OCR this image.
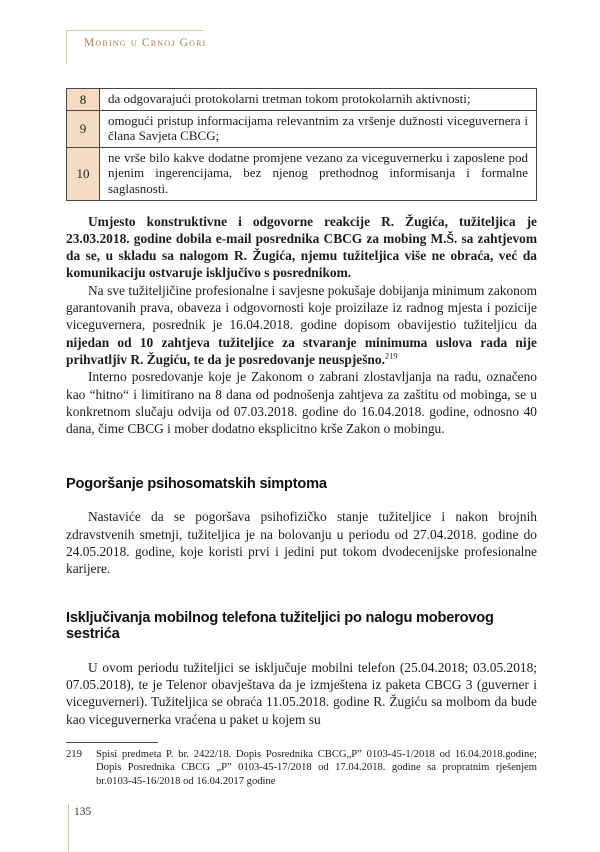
Mobing u Crnoj Gori
8	da odgovarajući protokolarni tretman tokom protokolarnih aktivnosti;
9	omogući pristup informacijama relevantnim za vršenje dužnosti viceguvernera i člana Savjeta CBCG;
10	ne vrše bilo kakve dodatne promjene vezano za viceguvernerku i zaposlene pod njenim ingerencijama, bez njenog prethodnog informisanja i formalne saglasnosti.

Umjesto konstruktivne i odgovorne reakcije R. Žugića, tužiteljica je 23.03.2018. godine dobila e-mail posrednika CBCG za mobing M.Š. sa zahtjevom da se, u skladu sa nalogom R. Žugića, njemu tužiteljica više ne obraća, već da komunikaciju ostvaruje isključivo s posrednikom.

Na sve tužiteljičine profesionalne i savjesne pokušaje dobijanja minimum zakonom garantovanih prava, obaveza i odgovornosti koje proizilaze iz radnog mjesta i pozicije viceguvernera, posrednik je 16.04.2018. godine dopisom obavijestio tužiteljicu da nijedan od 10 zahtjeva tužiteljice za stvaranje minimuma uslova rada nije prihvatljiv R. Žugiću, te da je posredovanje neuspješno.$^{219}$

Interno posredovanje koje je Zakonom o zabrani zlostavljanja na radu, označeno kao “hitno“ i limitirano na 8 dana od podnošenja zahtjeva za zaštitu od mobinga, se u konkretnom slučaju odvija od 07.03.2018. godine do 16.04.2018. godine, odnosno 40 dana, čime CBCG i mober dodatno eksplicitno krše Zakon o mobingu.

Pogoršanje psihosomatskih simptoma

Nastaviće da se pogoršava psihofizičko stanje tužiteljice i nakon brojnih zdravstvenih smetnji, tužiteljica je na bolovanju u periodu od 27.04.2018. godine do 24.05.2018. godine, koje koristi prvi i jedini put tokom dvodecenijske profesionalne karijere.

Isključivanja mobilnog telefona tužiteljici po nalogu moberovog sestrića

U ovom periodu tužiteljici se isključuje mobilni telefon (25.04.2018; 03.05.2018; 07.05.2018), te je Telenor obavještava da je izmještena iz paketa CBCG 3 (guverner i viceguverneri). Tužiteljica se obraća 11.05.2018. godine R. Žugiću sa molbom da bude kao viceguvernerka vraćena u paket u kojem su

219	Spisi predmeta P. br. 2422/18. Dopis Posrednika CBCG„P” 0103-45-1/2018 od 16.04.2018.godine; Dopis Posrednika CBCG „P” 0103-45-17/2018 od 17.04.2018. godine sa propratnim rješenjem br.0103-45-16/2018 od 16.04.2017 godine
135
